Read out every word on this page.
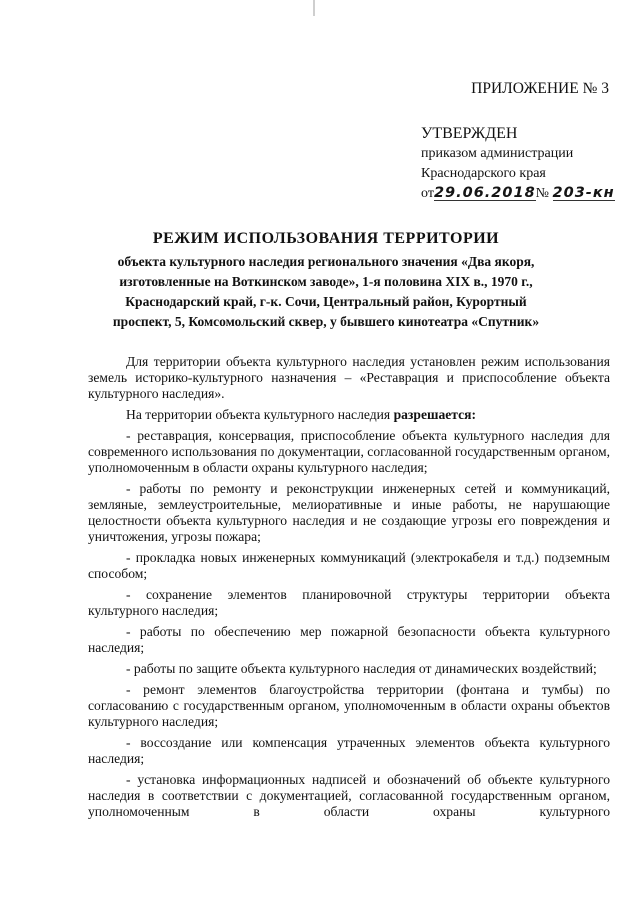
ПРИЛОЖЕНИЕ № 3
УТВЕРЖДЕН
приказом администрации
Краснодарского края
от29.06.2018№ 203-кн
РЕЖИМ ИСПОЛЬЗОВАНИЯ ТЕРРИТОРИИ
объекта культурного наследия регионального значения «Два якоря,
изготовленные на Воткинском заводе», 1-я половина XIX в., 1970 г.,
Краснодарский край, г-к. Сочи, Центральный район, Курортный
проспект, 5, Комсомольский сквер, у бывшего кинотеатра «Спутник»

Для территории объекта культурного наследия установлен режим использования земель историко-культурного назначения – «Реставрация и приспособление объекта культурного наследия».

На территории объекта культурного наследия разрешается:

- реставрация, консервация, приспособление объекта культурного наследия для современного использования по документации, согласованной государственным органом, уполномоченным в области охраны культурного наследия;

- работы по ремонту и реконструкции инженерных сетей и коммуникаций, земляные, землеустроительные, мелиоративные и иные работы, не нарушающие целостности объекта культурного наследия и не создающие угрозы его повреждения и уничтожения, угрозы пожара;

- прокладка новых инженерных коммуникаций (электрокабеля и т.д.) подземным способом;

- сохранение элементов планировочной структуры территории объекта культурного наследия;

- работы по обеспечению мер пожарной безопасности объекта культурного наследия;

- работы по защите объекта культурного наследия от динамических воздействий;

- ремонт элементов благоустройства территории (фонтана и тумбы) по согласованию с государственным органом, уполномоченным в области охраны объектов культурного наследия;

- воссоздание или компенсация утраченных элементов объекта культурного наследия;

- установка информационных надписей и обозначений об объекте культурного наследия в соответствии с документацией, согласованной государственным органом, уполномоченным в области охраны культурного
